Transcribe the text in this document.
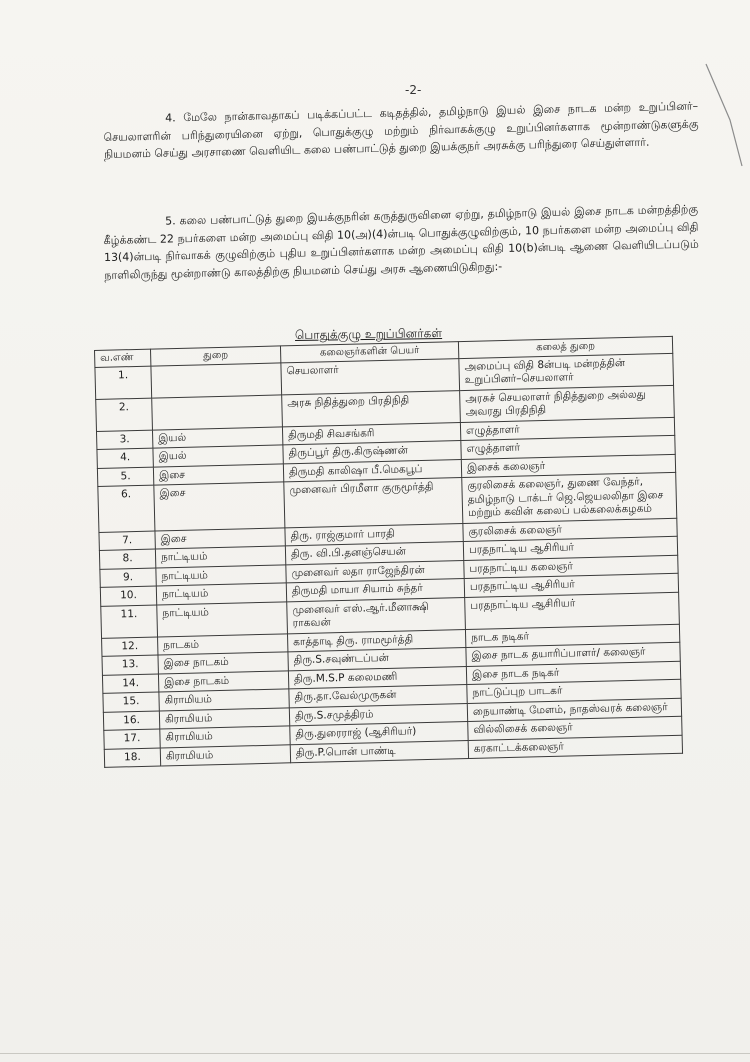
-2-

4. மேலே நான்காவதாகப் படிக்கப்பட்ட கடிதத்தில், தமிழ்நாடு இயல் இசை நாடக மன்ற உறுப்பினர்–செயலாளரின் பரிந்துரையினை ஏற்று, பொதுக்குழு மற்றும் நிர்வாகக்குழு உறுப்பினர்களாக மூன்றாண்டுகளுக்கு நியமனம் செய்து அரசாணை வெளியிட கலை பண்பாட்டுத் துறை இயக்குநர் அரசுக்கு பரிந்துரை செய்துள்ளார்.

5. கலை பண்பாட்டுத் துறை இயக்குநரின் கருத்துருவினை ஏற்று, தமிழ்நாடு இயல் இசை நாடக மன்றத்திற்கு கீழ்க்கண்ட 22 நபர்களை மன்ற அமைப்பு விதி 10(அ)(4)ன்படி பொதுக்குழுவிற்கும், 10 நபர்களை மன்ற அமைப்பு விதி 13(4)ன்படி நிர்வாகக் குழுவிற்கும் புதிய உறுப்பினர்களாக மன்ற அமைப்பு விதி 10(b)ன்படி ஆணை வெளியிடப்படும் நாளிலிருந்து மூன்றாண்டு காலத்திற்கு நியமனம் செய்து அரசு ஆணையிடுகிறது:-

பொதுக்குழு உறுப்பினர்கள்
வ.எண்	துறை	கலைஞர்களின் பெயர்	கலைத் துறை
1.		செயலாளர்	அமைப்பு விதி 8ன்படி மன்றத்தின் உறுப்பினர்–செயலாளர்
2.		அரசு நிதித்துறை பிரதிநிதி	அரசுச் செயலாளர் நிதித்துறை அல்லது அவரது பிரதிநிதி
3.	இயல்	திருமதி சிவசங்கரி	எழுத்தாளர்
4.	இயல்	திருப்பூர் திரு.கிருஷ்ணன்	எழுத்தாளர்
5.	இசை	திருமதி காலிஷா பீ.மெகபூப்	இசைக் கலைஞர்
6.	இசை	முனைவர் பிரமீளா குருமூர்த்தி	குரலிசைக் கலைஞர், துணை வேந்தர், தமிழ்நாடு டாக்டர் ஜெ.ஜெயலலிதா இசை மற்றும் கவின் கலைப் பல்கலைக்கழகம்
7.	இசை	திரு. ராஜ்குமார் பாரதி	குரலிசைக் கலைஞர்
8.	நாட்டியம்	திரு. வி.பி.தனஞ்செயன்	பரதநாட்டிய ஆசிரியர்
9.	நாட்டியம்	முனைவர் லதா ராஜேந்திரன்	பரதநாட்டிய கலைஞர்
10.	நாட்டியம்	திருமதி மாயா சியாம் சுந்தர்	பரதநாட்டிய ஆசிரியர்
11.	நாட்டியம்	முனைவர் எஸ்.ஆர்.மீனாக்ஷி ராகவன்	பரதநாட்டிய ஆசிரியர்
12.	நாடகம்	காத்தாடி திரு. ராமமூர்த்தி	நாடக நடிகர்
13.	இசை நாடகம்	திரு.S.சவுண்டப்பன்	இசை நாடக தயாரிப்பாளர்/ கலைஞர்
14.	இசை நாடகம்	திரு.M.S.P கலைமணி	இசை நாடக நடிகர்
15.	கிராமியம்	திரு.தா.வேல்முருகன்	நாட்டுப்புற பாடகர்
16.	கிராமியம்	திரு.S.சமுத்திரம்	நையாண்டி மேளம், நாதஸ்வரக் கலைஞர்
17.	கிராமியம்	திரு.துரைராஜ் (ஆசிரியர்)	வில்லிசைக் கலைஞர்
18.	கிராமியம்	திரு.P.பொன் பாண்டி	கரகாட்டக்கலைஞர்
